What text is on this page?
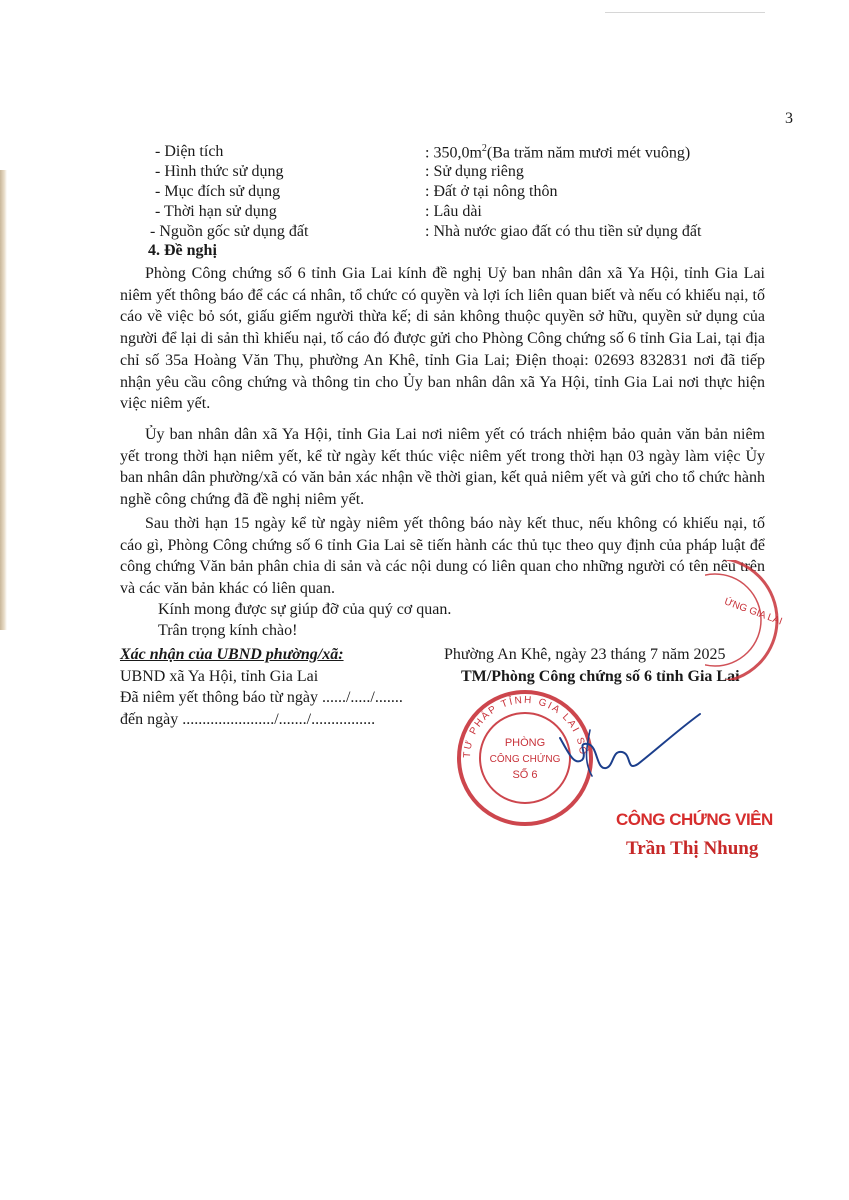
3
- Diện tích	: $350,0m^2(Ba$ trăm năm mươi mét vuông)
- Hình thức sử dụng	: Sử dụng riêng
- Mục đích sử dụng	: Đất ở tại nông thôn
- Thời hạn sử dụng	: Lâu dài
- Nguồn gốc sử dụng đất	: Nhà nước giao đất có thu tiền sử dụng đất
4. Đề nghị

Phòng Công chứng số 6 tỉnh Gia Lai kính đề nghị Uỷ ban nhân dân xã Ya Hội, tỉnh Gia Lai niêm yết thông báo để các cá nhân, tổ chức có quyền và lợi ích liên quan biết và nếu có khiếu nại, tố cáo về việc bỏ sót, giấu giếm người thừa kế; di sản không thuộc quyền sở hữu, quyền sử dụng của người để lại di sản thì khiếu nại, tố cáo đó được gửi cho Phòng Công chứng số 6 tỉnh Gia Lai, tại địa chỉ số 35a Hoàng Văn Thụ, phường An Khê, tỉnh Gia Lai; Điện thoại: 02693 832831 nơi đã tiếp nhận yêu cầu công chứng và thông tin cho Ủy ban nhân dân xã Ya Hội, tỉnh Gia Lai nơi thực hiện việc niêm yết.

Ủy ban nhân dân xã Ya Hội, tỉnh Gia Lai nơi niêm yết có trách nhiệm bảo quản văn bản niêm yết trong thời hạn niêm yết, kể từ ngày kết thúc việc niêm yết trong thời hạn 03 ngày làm việc Ủy ban nhân dân phường/xã có văn bản xác nhận về thời gian, kết quả niêm yết và gửi cho tổ chức hành nghề công chứng đã đề nghị niêm yết.

Sau thời hạn 15 ngày kể từ ngày niêm yết thông báo này kết thuc, nếu không có khiếu nại, tố cáo gì, Phòng Công chứng số 6 tỉnh Gia Lai sẽ tiến hành các thủ tục theo quy định của pháp luật để công chứng Văn bản phân chia di sản và các nội dung có liên quan cho những người có tên nêu trên và các văn bản khác có liên quan.

Kính mong được sự giúp đỡ của quý cơ quan.
Trân trọng kính chào!
Xác nhận của UBND phường/xã:
UBND xã Ya Hội, tỉnh Gia Lai
Đã niêm yết thông báo từ ngày ....../...../.......
đến ngày ......................./......./................
Phường An Khê, ngày 23 tháng 7 năm 2025
TM/Phòng Công chứng số 6 tỉnh Gia Lai
ỨNG GIA LAI
TƯ PHÁP TỈNH GIA LAI SỞ
PHÒNG
CÔNG CHỨNG
SỐ 6
CÔNG CHỨNG VIÊN
Trần Thị Nhung
